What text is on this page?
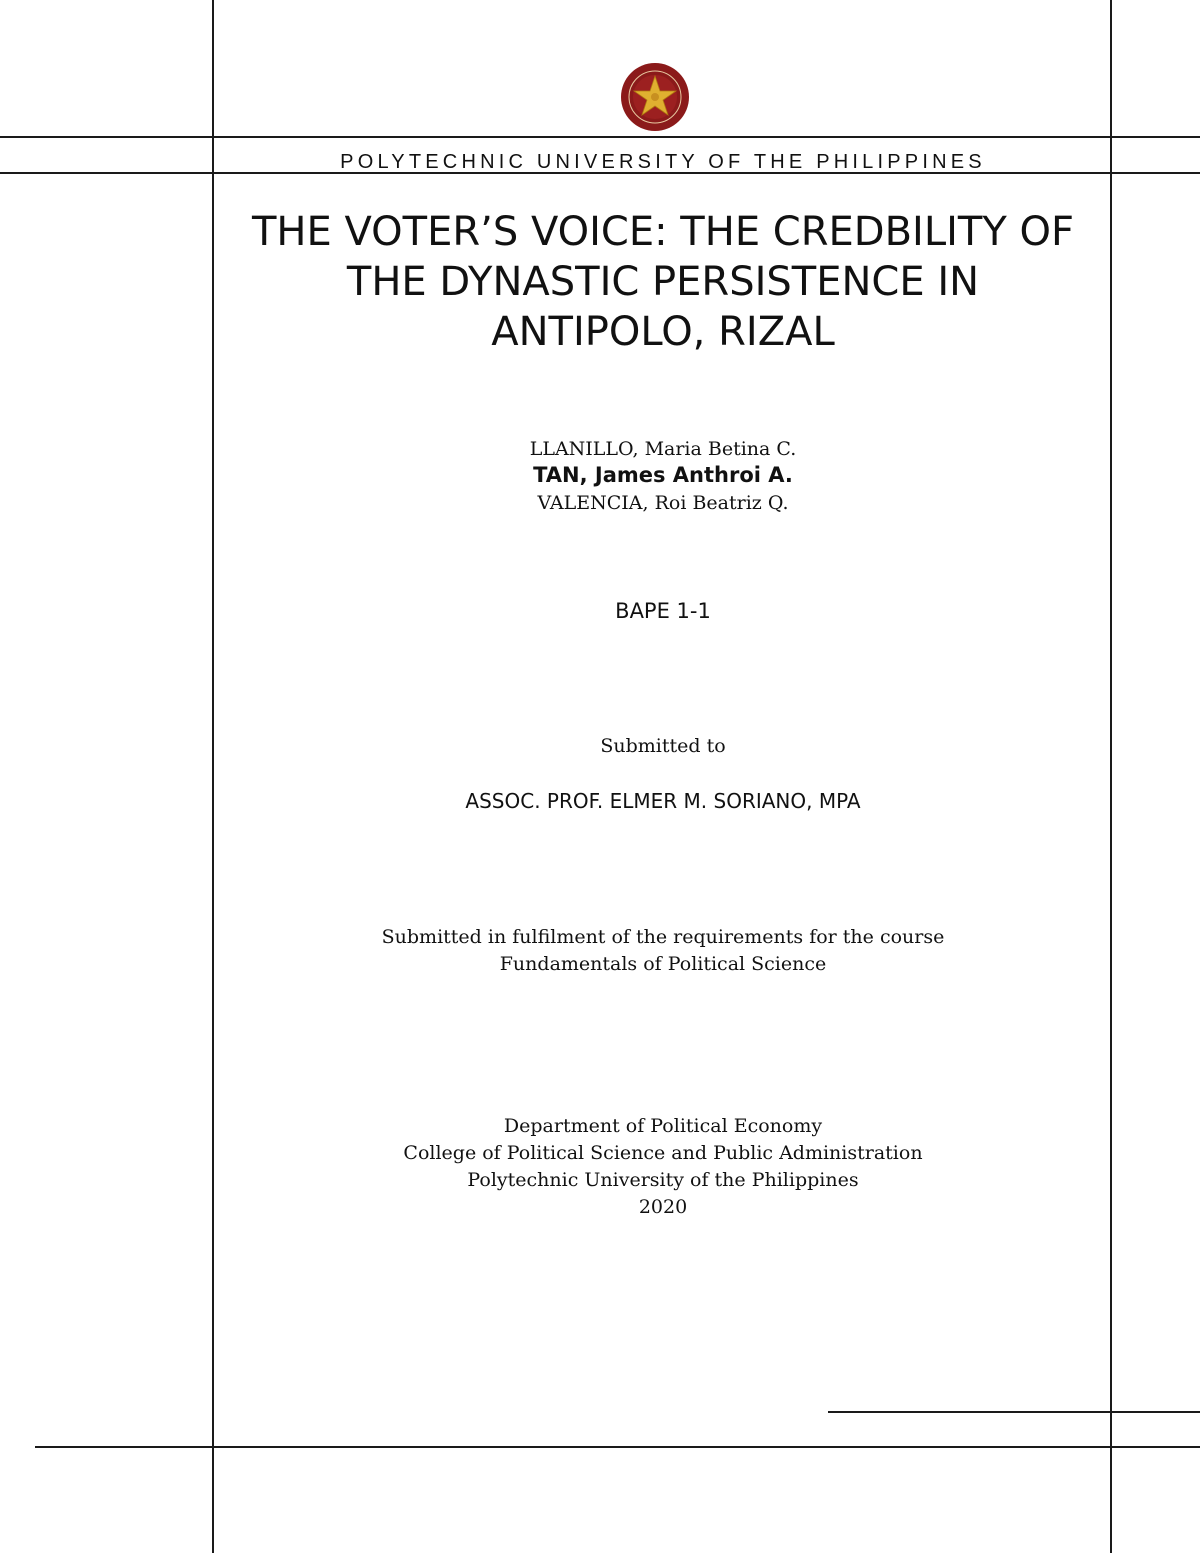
POLYTECHNIC UNIVERSITY OF THE PHILIPPINES
THE VOTER’S VOICE: THE CREDBILITY OF
THE DYNASTIC PERSISTENCE IN
ANTIPOLO, RIZAL
LLANILLO, Maria Betina C.
TAN, James Anthroi A.
VALENCIA, Roi Beatriz Q.
BAPE 1-1
Submitted to
ASSOC. PROF. ELMER M. SORIANO, MPA
Submitted in fulfilment of the requirements for the course
Fundamentals of Political Science
Department of Political Economy
College of Political Science and Public Administration
Polytechnic University of the Philippines
2020
